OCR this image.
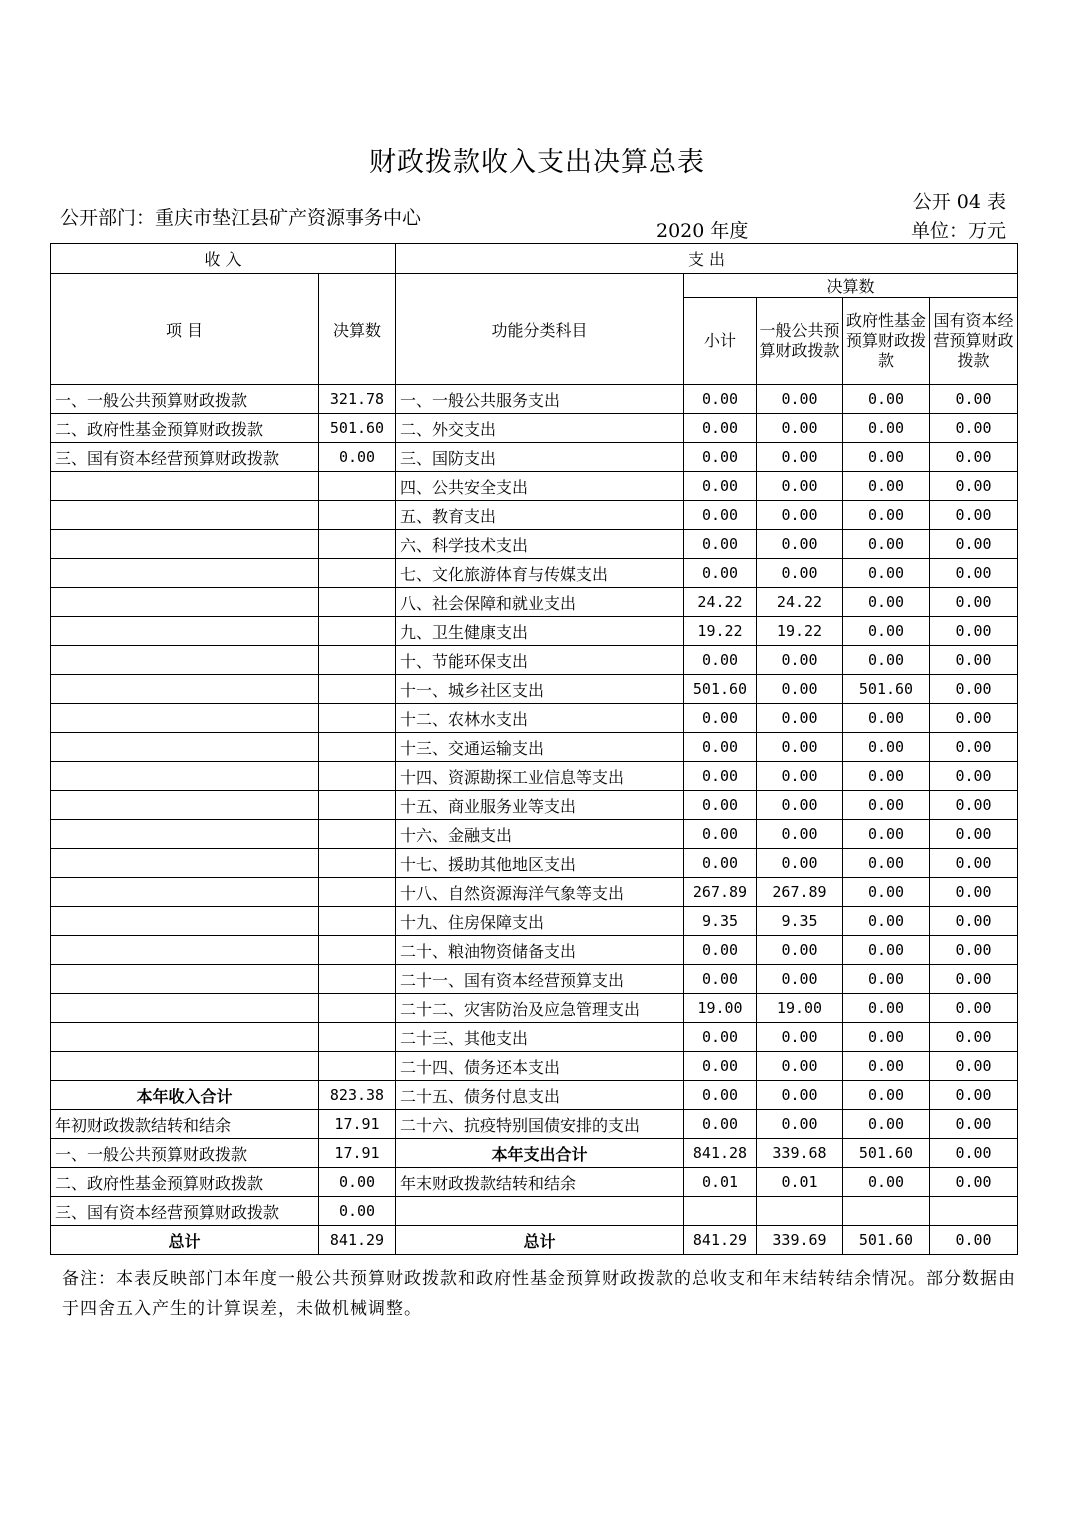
财政拨款收入支出决算总表
公开部门：重庆市垫江县矿产资源事务中心
公开 04 表
2020 年度	单位：万元
收 入		支 出				
项 目	决算数	功能分类科目	决算数			
			小计	一般公共预算财政拨款	政府性基金预算财政拨款	国有资本经营预算财政拨款
一、一般公共预算财政拨款	321.78	一、一般公共服务支出	0.00	0.00	0.00	0.00
二、政府性基金预算财政拨款	501.60	二、外交支出	0.00	0.00	0.00	0.00
三、国有资本经营预算财政拨款	0.00	三、国防支出	0.00	0.00	0.00	0.00
		四、公共安全支出	0.00	0.00	0.00	0.00
		五、教育支出	0.00	0.00	0.00	0.00
		六、科学技术支出	0.00	0.00	0.00	0.00
		七、文化旅游体育与传媒支出	0.00	0.00	0.00	0.00
		八、社会保障和就业支出	24.22	24.22	0.00	0.00
		九、卫生健康支出	19.22	19.22	0.00	0.00
		十、节能环保支出	0.00	0.00	0.00	0.00
		十一、城乡社区支出	501.60	0.00	501.60	0.00
		十二、农林水支出	0.00	0.00	0.00	0.00
		十三、交通运输支出	0.00	0.00	0.00	0.00
		十四、资源勘探工业信息等支出	0.00	0.00	0.00	0.00
		十五、商业服务业等支出	0.00	0.00	0.00	0.00
		十六、金融支出	0.00	0.00	0.00	0.00
		十七、援助其他地区支出	0.00	0.00	0.00	0.00
		十八、自然资源海洋气象等支出	267.89	267.89	0.00	0.00
		十九、住房保障支出	9.35	9.35	0.00	0.00
		二十、粮油物资储备支出	0.00	0.00	0.00	0.00
		二十一、国有资本经营预算支出	0.00	0.00	0.00	0.00
		二十二、灾害防治及应急管理支出	19.00	19.00	0.00	0.00
		二十三、其他支出	0.00	0.00	0.00	0.00
		二十四、债务还本支出	0.00	0.00	0.00	0.00
本年收入合计	823.38	二十五、债务付息支出	0.00	0.00	0.00	0.00
年初财政拨款结转和结余	17.91	二十六、抗疫特别国债安排的支出	0.00	0.00	0.00	0.00
一、一般公共预算财政拨款	17.91	本年支出合计	841.28	339.68	501.60	0.00
二、政府性基金预算财政拨款	0.00	年末财政拨款结转和结余	0.01	0.01	0.00	0.00
三、国有资本经营预算财政拨款	0.00					
总计	841.29	总计	841.29	339.69	501.60	0.00
备注：本表反映部门本年度一般公共预算财政拨款和政府性基金预算财政拨款的总收支和年末结转结余情况。部分数据由于四舍五入产生的计算误差，未做机械调整。
